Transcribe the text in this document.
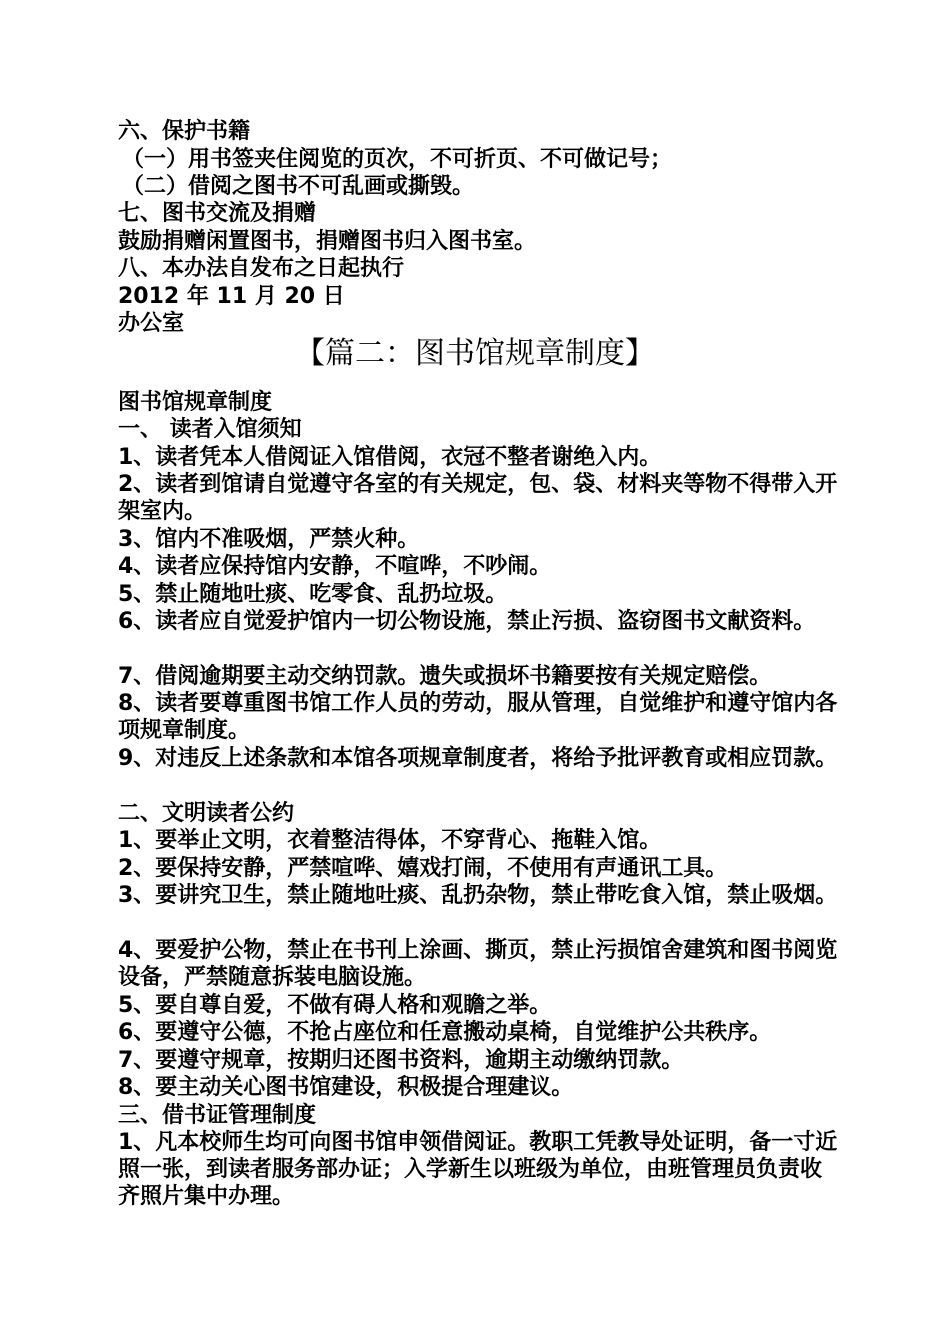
六、保护书籍
（一）用书签夹住阅览的页次，不可折页、不可做记号；
（二）借阅之图书不可乱画或撕毁。
七、图书交流及捐赠
鼓励捐赠闲置图书，捐赠图书归入图书室。
八、本办法自发布之日起执行
2012 年 11 月 20 日
办公室
【篇二：图书馆规章制度】
图书馆规章制度
一、 读者入馆须知
1、读者凭本人借阅证入馆借阅，衣冠不整者谢绝入内。
2、读者到馆请自觉遵守各室的有关规定，包、袋、材料夹等物不得带入开架室内。
3、馆内不准吸烟，严禁火种。
4、读者应保持馆内安静，不喧哗，不吵闹。
5、禁止随地吐痰、吃零食、乱扔垃圾。
6、读者应自觉爱护馆内一切公物设施，禁止污损、盗窃图书文献资料。
7、借阅逾期要主动交纳罚款。遗失或损坏书籍要按有关规定赔偿。
8、读者要尊重图书馆工作人员的劳动，服从管理，自觉维护和遵守馆内各项规章制度。
9、对违反上述条款和本馆各项规章制度者，将给予批评教育或相应罚款。
二、文明读者公约
1、要举止文明，衣着整洁得体，不穿背心、拖鞋入馆。
2、要保持安静，严禁喧哗、嬉戏打闹，不使用有声通讯工具。
3、要讲究卫生，禁止随地吐痰、乱扔杂物，禁止带吃食入馆，禁止吸烟。
4、要爱护公物，禁止在书刊上涂画、撕页，禁止污损馆舍建筑和图书阅览设备，严禁随意拆装电脑设施。
5、要自尊自爱，不做有碍人格和观瞻之举。
6、要遵守公德，不抢占座位和任意搬动桌椅，自觉维护公共秩序。
7、要遵守规章，按期归还图书资料，逾期主动缴纳罚款。
8、要主动关心图书馆建设，积极提合理建议。
三、借书证管理制度
1、凡本校师生均可向图书馆申领借阅证。教职工凭教导处证明，备一寸近照一张，到读者服务部办证；入学新生以班级为单位，由班管理员负责收齐照片集中办理。
